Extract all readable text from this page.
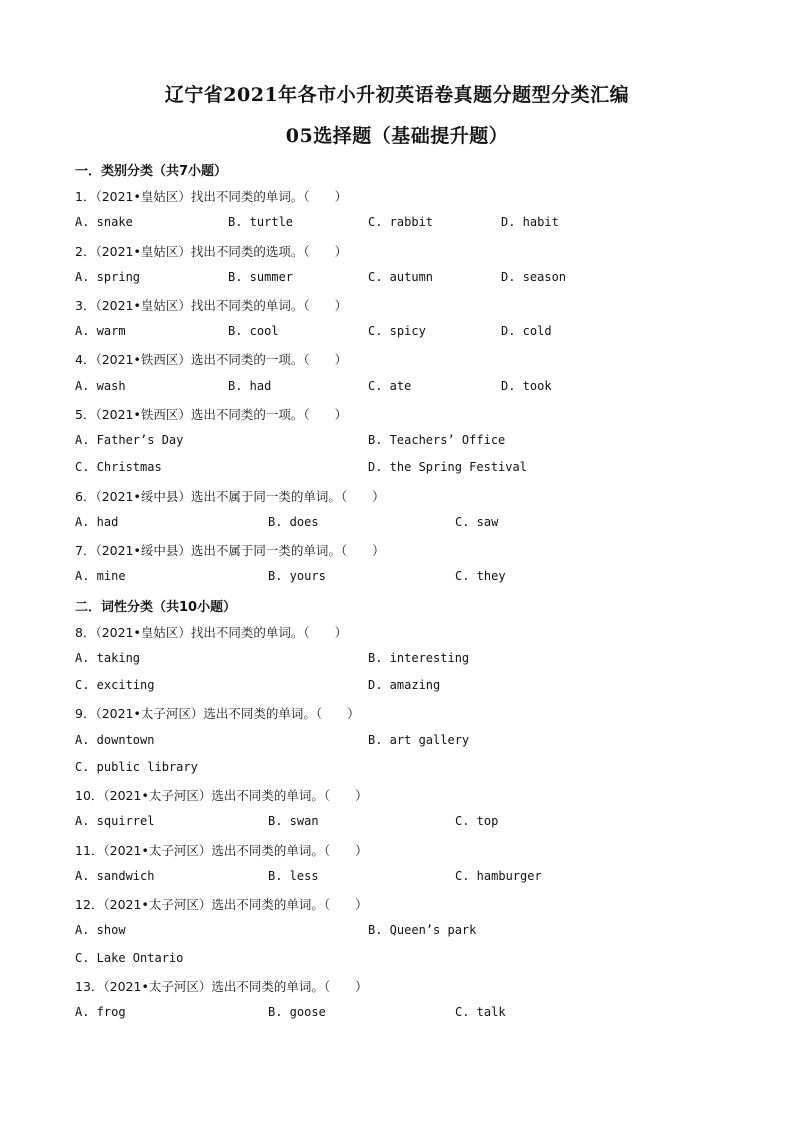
辽宁省2021年各市小升初英语卷真题分题型分类汇编
05选择题（基础提升题）
一．类别分类（共7小题）
1．（2021•皇姑区）找出不同类的单词。（　　）
A. snake	B. turtle	C. rabbit	D. habit
2．（2021•皇姑区）找出不同类的选项。（　　）
A. spring	B. summer	C. autumn	D. season
3．（2021•皇姑区）找出不同类的单词。（　　）
A. warm	B. cool	C. spicy	D. cold
4．（2021•铁西区）选出不同类的一项。（　　）
A. wash	B. had	C. ate	D. took
5．（2021•铁西区）选出不同类的一项。（　　）
A. Father’s Day	B. Teachers’ Office
C. Christmas	D. the Spring Festival
6．（2021•绥中县）选出不属于同一类的单词。（　　）
A. had	B. does	C. saw
7．（2021•绥中县）选出不属于同一类的单词。（　　）
A. mine	B. yours	C. they
二．词性分类（共10小题）
8．（2021•皇姑区）找出不同类的单词。（　　）
A. taking	B. interesting
C. exciting	D. amazing
9．（2021•太子河区）选出不同类的单词。（　　）
A. downtown	B. art gallery
C. public library
10．（2021•太子河区）选出不同类的单词。（　　）
A. squirrel	B. swan	C. top
11．（2021•太子河区）选出不同类的单词。（　　）
A. sandwich	B. less	C. hamburger
12．（2021•太子河区）选出不同类的单词。（　　）
A. show	B. Queen’s park
C. Lake Ontario
13．（2021•太子河区）选出不同类的单词。（　　）
A. frog	B. goose	C. talk
